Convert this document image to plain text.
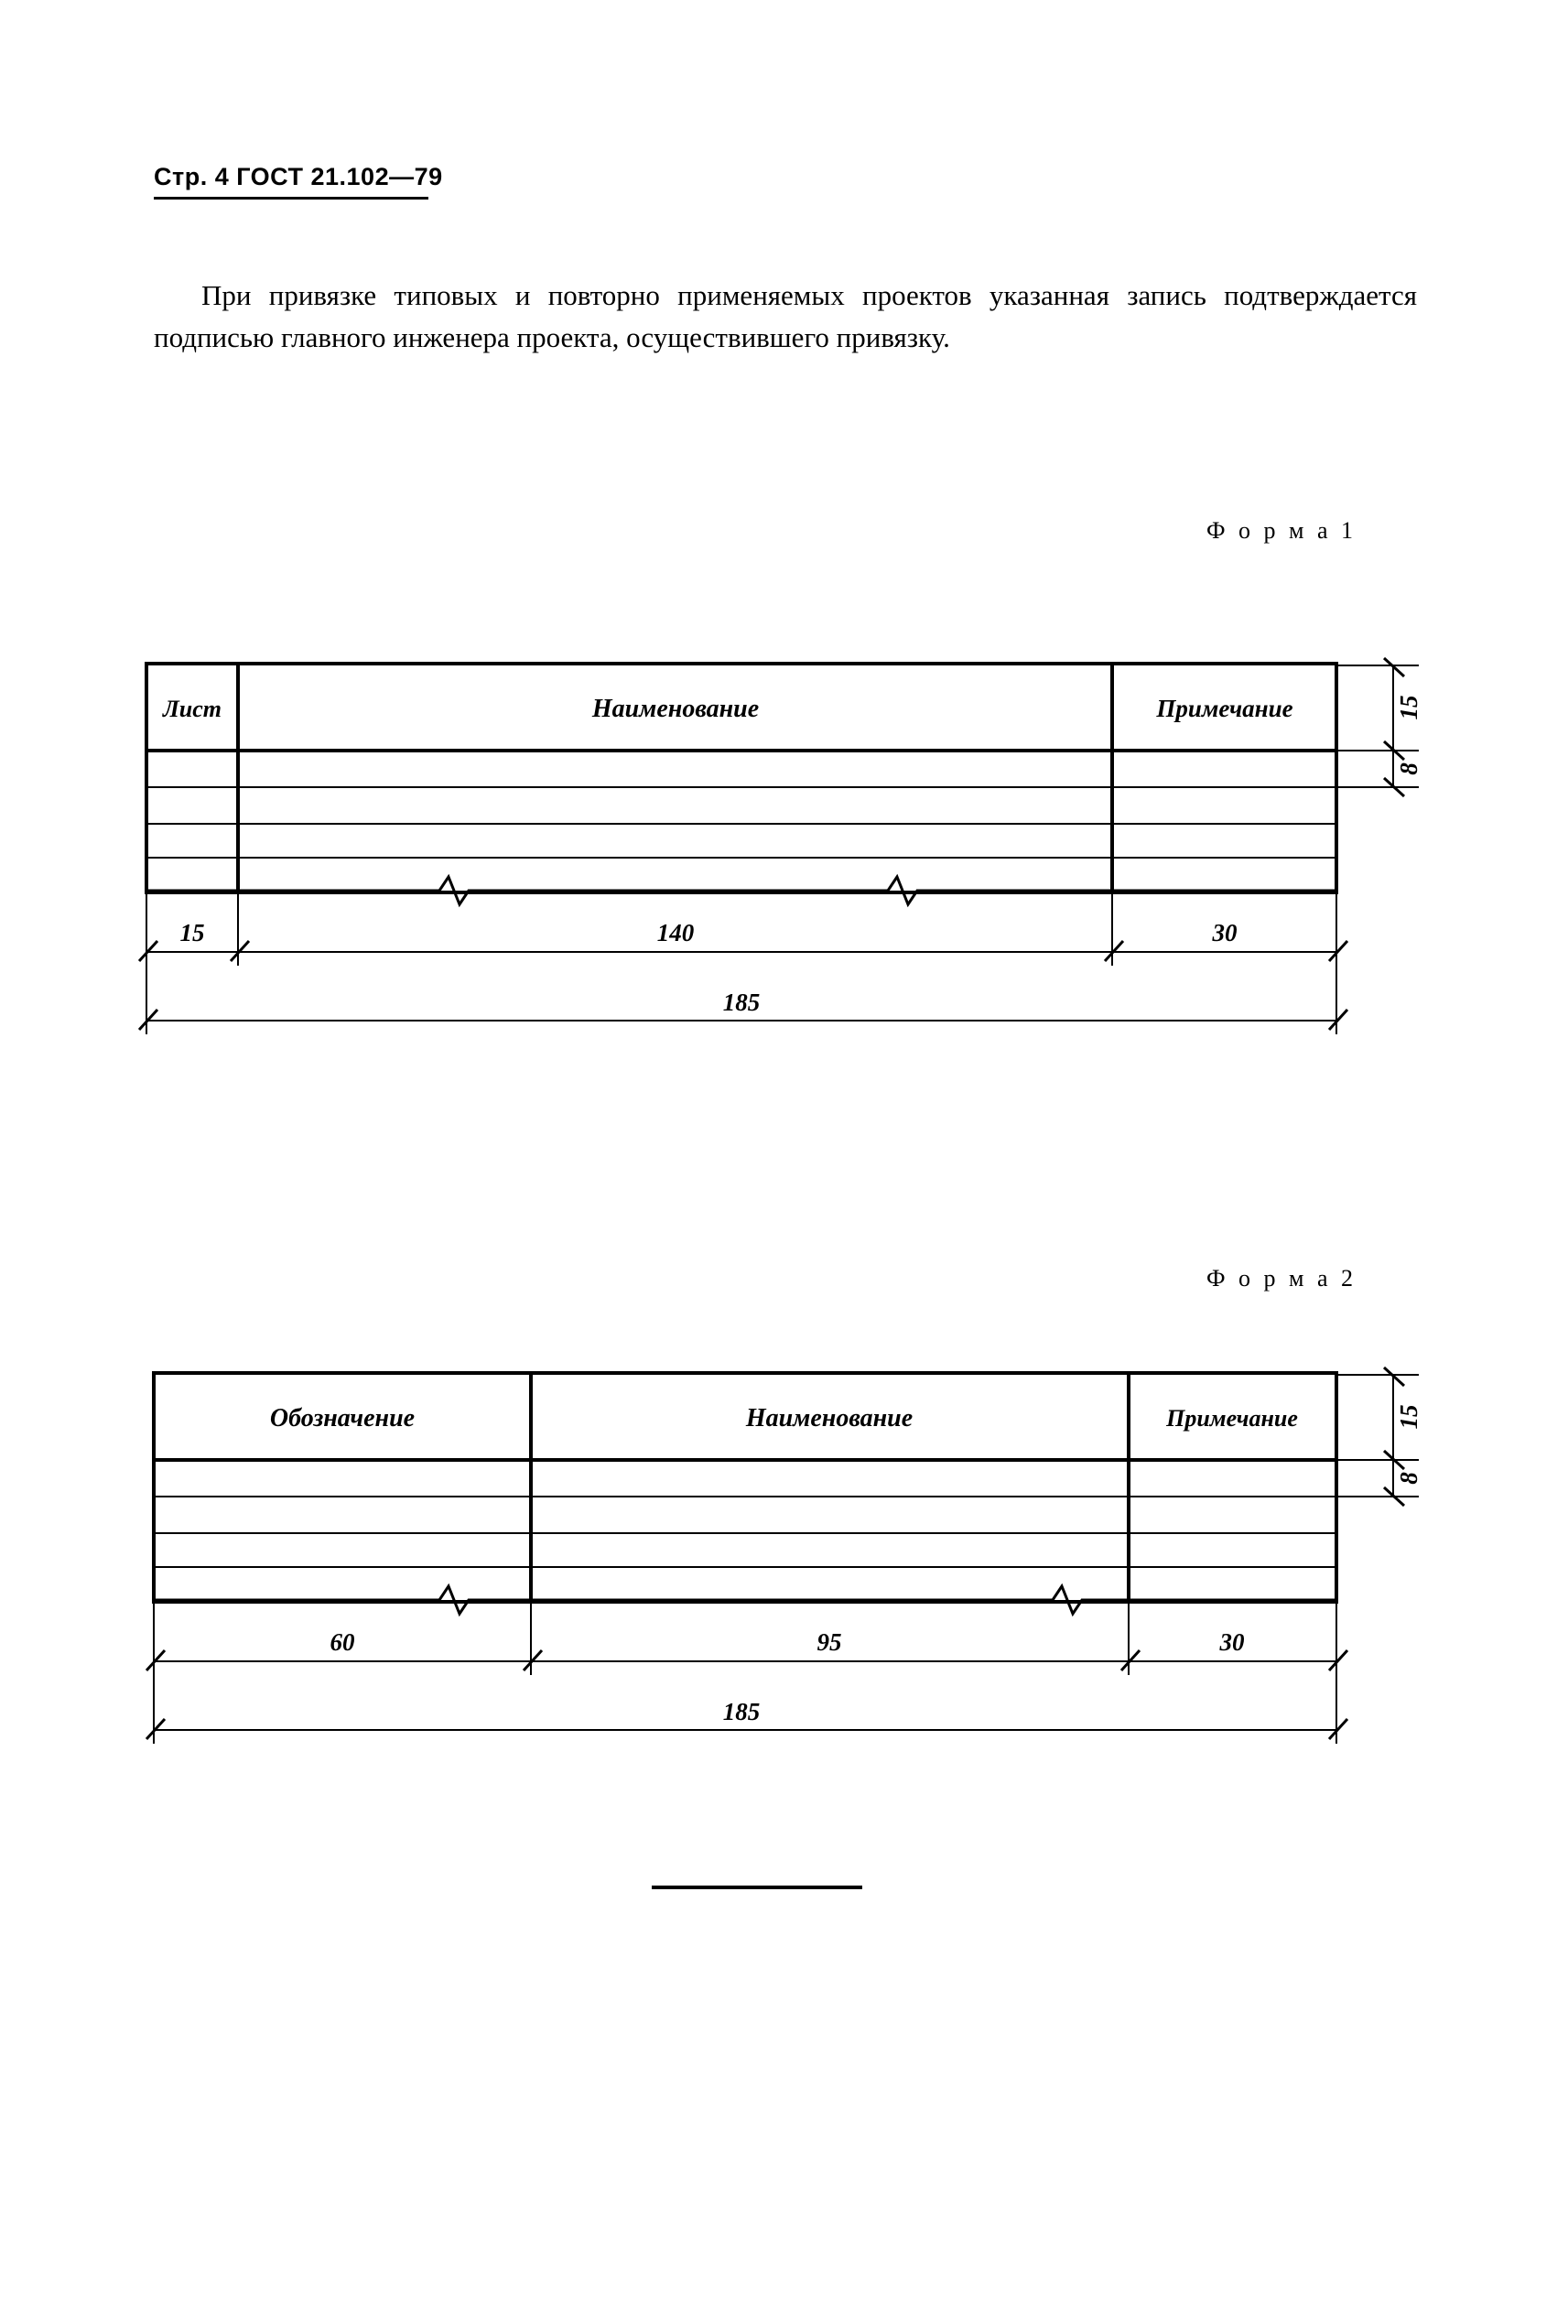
Стр. 4 ГОСТ 21.102—79
При привязке типовых и повторно применяемых проектов указанная запись подтверждается подписью главного инженера проекта, осуществившего привязку.
Ф о р м а 1
Лист	Наименование	Примечание
15	140	30
185
15
8
Ф о р м а 2
Обозначение	Наименование	Примечание
60	95	30
185
15
8
